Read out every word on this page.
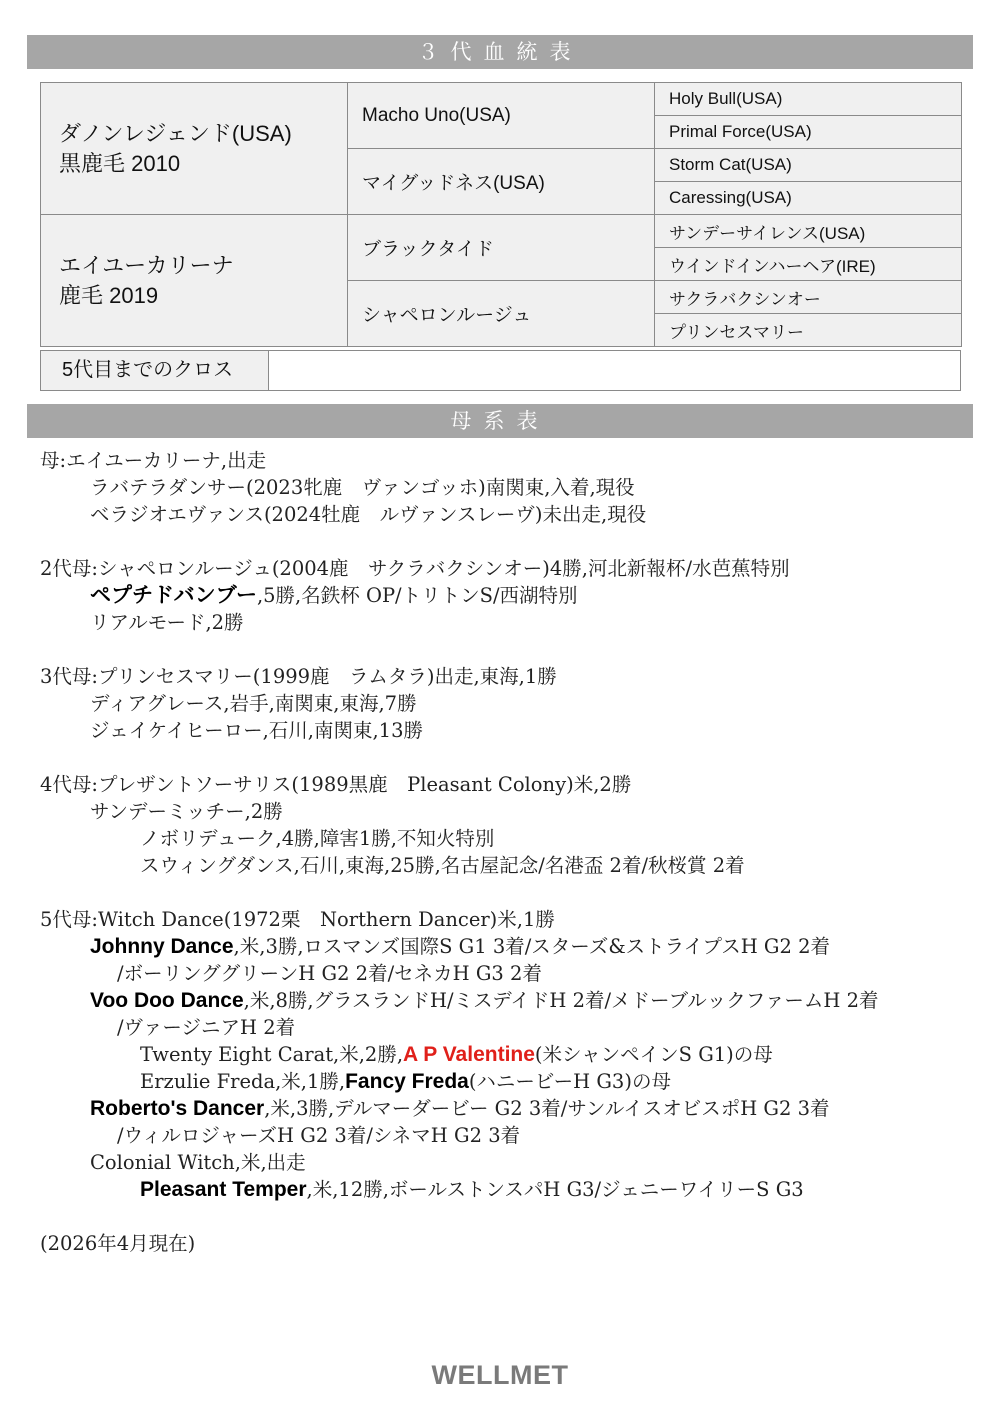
３代血統表
ダノンレジェンド(USA)
黒鹿毛 2010	Macho Uno(USA)	Holy Bull(USA)
		Primal Force(USA)
	マイグッドネス(USA)	Storm Cat(USA)
		Caressing(USA)

エイユーカリーナ
鹿毛 2019	ブラックタイド	サンデーサイレンス(USA)
		ウインドインハーヘア(IRE)
	シャペロンルージュ	サクラバクシンオー
		プリンセスマリー
5代目までのクロス
母系表
母:エイユーカリーナ,出走
ラバテラダンサー(2023牝鹿　ヴァンゴッホ)南関東,入着,現役
ベラジオエヴァンス(2024牡鹿　ルヴァンスレーヴ)未出走,現役
2代母:シャペロンルージュ(2004鹿　サクラバクシンオー)4勝,河北新報杯/水芭蕉特別
ペプチドバンブー,5勝,名鉄杯 OP/トリトンS/西湖特別
リアルモード,2勝
3代母:プリンセスマリー(1999鹿　ラムタラ)出走,東海,1勝
ディアグレース,岩手,南関東,東海,7勝
ジェイケイヒーロー,石川,南関東,13勝
4代母:プレザントソーサリス(1989黒鹿　Pleasant Colony)米,2勝
サンデーミッチー,2勝
ノボリデューク,4勝,障害1勝,不知火特別
スウィングダンス,石川,東海,25勝,名古屋記念/名港盃 2着/秋桜賞 2着
5代母:Witch Dance(1972栗　Northern Dancer)米,1勝
Johnny Dance,米,3勝,ロスマンズ国際S G1 3着/スターズ&ストライプスH G2 2着
/ボーリンググリーンH G2 2着/セネカH G3 2着
Voo Doo Dance,米,8勝,グラスランドH/ミスデイドH 2着/メドーブルックファームH 2着
/ヴァージニアH 2着
Twenty Eight Carat,米,2勝,A P Valentine(米シャンペインS G1)の母
Erzulie Freda,米,1勝,Fancy Freda(ハニービーH G3)の母
Roberto's Dancer,米,3勝,デルマーダービー G2 3着/サンルイスオビスポH G2 3着
/ウィルロジャーズH G2 3着/シネマH G2 3着
Colonial Witch,米,出走
Pleasant Temper,米,12勝,ボールストンスパH G3/ジェニーワイリーS G3
(2026年4月現在)
WELLMET
